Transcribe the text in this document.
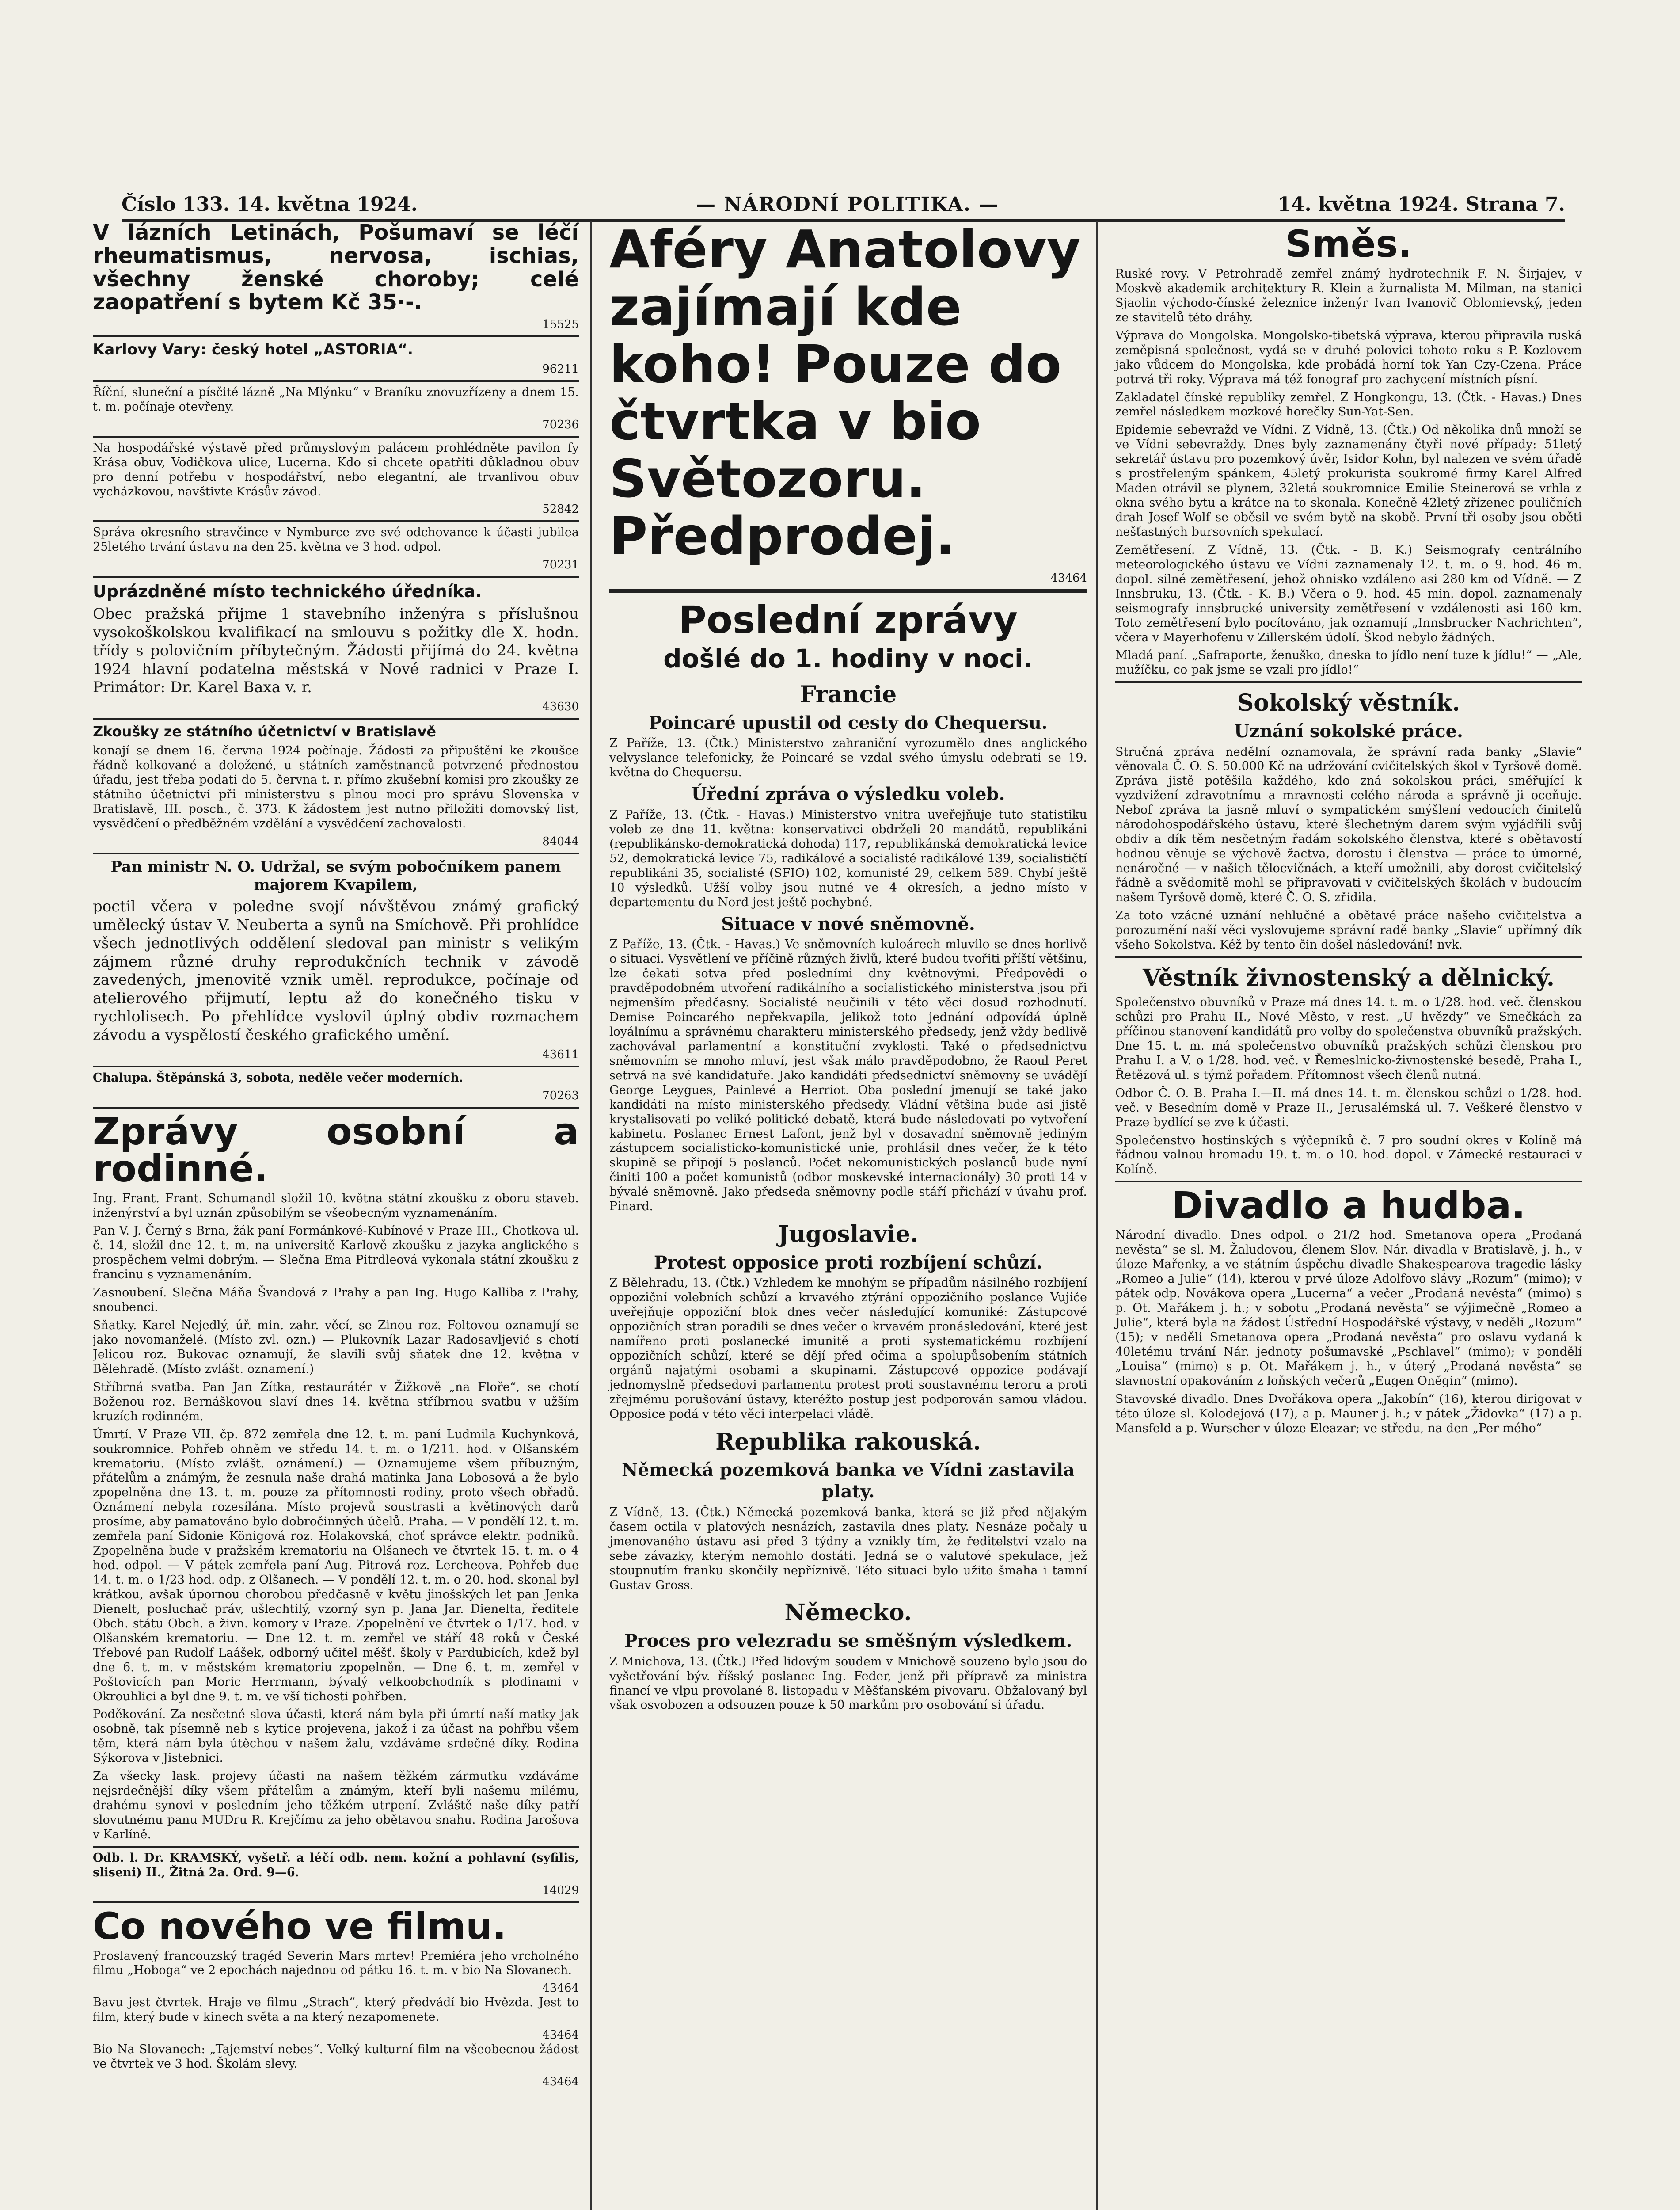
Číslo 133. 14. května 1924.	— NÁRODNÍ POLITIKA. —	14. května 1924. Strana 7.

V lázních Letinách, Pošumaví se léčí rheumatismus, nervosa, ischias, všechny ženské choroby; celé zaopatření s bytem Kč 35·-.

15525

Karlovy Vary: český hotel „ASTORIA“.

96211

Říční, sluneční a písčité lázně „Na Mlýnku“ v Braníku znovuzřízeny a dnem 15. t. m. počínaje otevřeny.

70236

Na hospodářské výstavě před průmyslovým palácem prohlédněte pavilon fy Krása obuv, Vodičkova ulice, Lucerna. Kdo si chcete opatřiti důkladnou obuv pro denní potřebu v hospodářství, nebo elegantní, ale trvanlivou obuv vycházkovou, navštivte Krásův závod.

52842

Správa okresního stravčince v Nymburce zve své odchovance k účasti jubilea 25letého trvání ústavu na den 25. května ve 3 hod. odpol.

70231

Uprázdněné místo technického úředníka.

Obec pražská přijme 1 stavebního inženýra s příslušnou vysokoškolskou kvalifikací na smlouvu s požitky dle X. hodn. třídy s polovičním příbytečným. Žádosti přijímá do 24. května 1924 hlavní podatelna městská v Nové radnici v Praze I. Primátor: Dr. Karel Baxa v. r.

43630

Zkoušky ze státního účetnictví v Bratislavě

konají se dnem 16. června 1924 počínaje. Žádosti za připuštění ke zkoušce řádně kolkované a doložené, u státních zaměstnanců potvrzené přednostou úřadu, jest třeba podati do 5. června t. r. přímo zkušební komisi pro zkoušky ze státního účetnictví při ministerstvu s plnou mocí pro správu Slovenska v Bratislavě, III. posch., č. 373. K žádostem jest nutno přiložiti domovský list, vysvědčení o předběžném vzdělání a vysvědčení zachovalosti.

84044

Pan ministr N. O. Udržal, se svým pobočníkem panem majorem Kvapilem,

poctil včera v poledne svojí návštěvou známý grafický umělecký ústav V. Neuberta a synů na Smíchově. Při prohlídce všech jednotlivých oddělení sledoval pan ministr s velikým zájmem různé druhy reprodukčních technik v závodě zavedených, jmenovitě vznik uměl. reprodukce, počínaje od atelierového přijmutí, leptu až do konečného tisku v rychlolisech. Po přehlídce vyslovil úplný obdiv rozmachem závodu a vyspělostí českého grafického umění.

43611

Chalupa. Štěpánská 3, sobota, neděle večer moderních.

70263

Zprávy osobní a rodinné.

Ing. Frant. Frant. Schumandl složil 10. května státní zkoušku z oboru staveb. inženýrství a byl uznán způsobilým se všeobecným vyznamenáním.

Pan V. J. Černý s Brna, žák paní Formánkové-Kubínové v Praze III., Chotkova ul. č. 14, složil dne 12. t. m. na universitě Karlově zkoušku z jazyka anglického s prospěchem velmi dobrým. — Slečna Ema Pitrdleová vykonala státní zkoušku z francinu s vyznamenáním.

Zasnoubení. Slečna Máňa Švandová z Prahy a pan Ing. Hugo Kalliba z Prahy, snoubenci.

Sňatky. Karel Nejedlý, úř. min. zahr. věcí, se Zinou roz. Foltovou oznamují se jako novomanželé. (Místo zvl. ozn.) — Plukovník Lazar Radosavljević s chotí Jelicou roz. Bukovac oznamují, že slavili svůj sňatek dne 12. května v Bělehradě. (Místo zvlášt. oznamení.)

Stříbrná svatba. Pan Jan Zítka, restaurátér v Žižkově „na Floře“, se chotí Boženou roz. Bernáškovou slaví dnes 14. května stříbrnou svatbu v užším kruzích rodinném.

Úmrtí. V Praze VII. čp. 872 zemřela dne 12. t. m. paní Ludmila Kuchynková, soukromnice. Pohřeb ohněm ve středu 14. t. m. o 1/211. hod. v Olšanském krematoriu. (Místo zvlášt. oznámení.) — Oznamujeme všem příbuzným, přátelům a známým, že zesnula naše drahá matinka Jana Lobosová a že bylo zpopelněna dne 13. t. m. pouze za přítomnosti rodiny, proto všech obřadů. Oznámení nebyla rozesílána. Místo projevů soustrasti a květinových darů prosíme, aby pamatováno bylo dobročinných účelů. Praha. — V pondělí 12. t. m. zemřela paní Sidonie Königová roz. Holakovská, choť správce elektr. podniků. Zpopelněna bude v pražském krematoriu na Olšanech ve čtvrtek 15. t. m. o 4 hod. odpol. — V pátek zemřela paní Aug. Pitrová roz. Lercheova. Pohřeb due 14. t. m. o 1/23 hod. odp. z Olšanech. — V pondělí 12. t. m. o 20. hod. skonal byl krátkou, avšak úpornou chorobou předčasně v květu jinošských let pan Jenka Dienelt, posluchač práv, ušlechtilý, vzorný syn p. Jana Jar. Dienelta, ředitele Obch. státu Obch. a živn. komory v Praze. Zpopelnění ve čtvrtek o 1/17. hod. v Olšanském krematoriu. — Dne 12. t. m. zemřel ve stáří 48 roků v České Třebové pan Rudolf Laášek, odborný učitel měšť. školy v Pardubicích, kdež byl dne 6. t. m. v městském krematoriu zpopelněn. — Dne 6. t. m. zemřel v Poštovicích pan Moric Herrmann, bývalý velkoobchodník s plodinami v Okrouhlici a byl dne 9. t. m. ve vší tichosti pohřben.

Poděkování. Za nesčetné slova účasti, která nám byla při úmrtí naší matky jak osobně, tak písemně neb s kytice projevena, jakož i za účast na pohřbu všem těm, která nám byla útěchou v našem žalu, vzdáváme srdečné díky. Rodina Sýkorova v Jistebnici.

Za všecky lask. projevy účasti na našem těžkém zármutku vzdáváme nejsrdečnější díky všem přátelům a známým, kteří byli našemu milému, drahému synovi v posledním jeho těžkém utrpení. Zvláště naše díky patří slovutnému panu MUDru R. Krejčímu za jeho obětavou snahu. Rodina Jarošova v Karlíně.

Odb. l. Dr. KRAMSKÝ, vyšetř. a léčí odb. nem. kožní a pohlavní (syfilis, sliseni) II., Žitná 2a. Ord. 9—6.

14029

Co nového ve filmu.

Proslavený francouzský tragéd Severin Mars mrtev! Premiéra jeho vrcholného filmu „Hoboga“ ve 2 epochách najednou od pátku 16. t. m. v bio Na Slovanech.

43464

Bavu jest čtvrtek. Hraje ve filmu „Strach“, který předvádí bio Hvězda. Jest to film, který bude v kinech světa a na který nezapomenete.

43464

Bio Na Slovanech: „Tajemství nebes“. Velký kulturní film na všeobecnou žádost ve čtvrtek ve 3 hod. Školám slevy.

43464

Aféry Anatolovy zajímají kde koho! Pouze do čtvrtka v bio Světozoru. Předprodej.

43464

Poslední zprávy

došlé do 1. hodiny v noci.

Francie

Poincaré upustil od cesty do Chequersu.

Z Paříže, 13. (Čtk.) Ministerstvo zahraniční vyrozumělo dnes anglického velvyslance telefonicky, že Poincaré se vzdal svého úmyslu odebrati se 19. května do Chequersu.

Úřední zpráva o výsledku voleb.

Z Paříže, 13. (Čtk. - Havas.) Ministerstvo vnitra uveřejňuje tuto statistiku voleb ze dne 11. května: konservativci obdrželi 20 mandátů, republikáni (republikánsko-demokratická dohoda) 117, republikánská demokratická levice 52, demokratická levice 75, radikálové a socialisté radikálové 139, socialističtí republikáni 35, socialisté (SFIO) 102, komunisté 29, celkem 589. Chybí ještě 10 výsledků. Užší volby jsou nutné ve 4 okresích, a jedno místo v departementu du Nord jest ještě pochybné.

Situace v nové sněmovně.

Z Paříže, 13. (Čtk. - Havas.) Ve sněmovních kuloárech mluvilo se dnes horlivě o situaci. Vysvětlení ve příčině různých živlů, které budou tvořiti příští většinu, lze čekati sotva před posledními dny květnovými. Předpovědi o pravděpodobném utvoření radikálního a socialistického ministerstva jsou při nejmenším předčasny. Socialisté neučinili v této věci dosud rozhodnutí. Demise Poincarého nepřekvapila, jelikož toto jednání odpovídá úplně loyálnímu a správnému charakteru ministerského předsedy, jenž vždy bedlivě zachovával parlamentní a konstituční zvyklosti. Také o předsednictvu sněmovním se mnoho mluví, jest však málo pravděpodobno, že Raoul Peret setrvá na své kandidatuře. Jako kandidáti předsednictví sněmovny se uvádějí George Leygues, Painlevé a Herriot. Oba poslední jmenují se také jako kandidáti na místo ministerského předsedy. Vládní většina bude asi jistě krystalisovati po veliké politické debatě, která bude následovati po vytvoření kabinetu. Poslanec Ernest Lafont, jenž byl v dosavadní sněmovně jediným zástupcem socialisticko-komunistické unie, prohlásil dnes večer, že k této skupině se připojí 5 poslanců. Počet nekomunistických poslanců bude nyní činiti 100 a počet komunistů (odbor moskevské internacionály) 30 proti 14 v bývalé sněmovně. Jako předseda sněmovny podle stáří přichází v úvahu prof. Pinard.

Jugoslavie.

Protest opposice proti rozbíjení schůzí.

Z Bělehradu, 13. (Čtk.) Vzhledem ke mnohým se případům násilného rozbíjení oppoziční volebních schůzí a krvavého ztýrání oppozičního poslance Vujiče uveřejňuje oppoziční blok dnes večer následující komuniké: Zástupcové oppozičních stran poradili se dnes večer o krvavém pronásledování, které jest namířeno proti poslanecké imunitě a proti systematickému rozbíjení oppozičních schůzí, které se dějí před očima a spolupůsobením státních orgánů najatými osobami a skupinami. Zástupcové oppozice podávají jednomyslně předsedovi parlamentu protest proti soustavnému teroru a proti zřejmému porušování ústavy, kteréžto postup jest podporován samou vládou. Opposice podá v této věci interpelaci vládě.

Republika rakouská.

Německá pozemková banka ve Vídni zastavila platy.

Z Vídně, 13. (Čtk.) Německá pozemková banka, která se již před nějakým časem octila v platových nesnázích, zastavila dnes platy. Nesnáze počaly u jmenovaného ústavu asi před 3 týdny a vznikly tím, že ředitelství vzalo na sebe závazky, kterým nemohlo dostáti. Jedná se o valutové spekulace, jež stoupnutím franku skončily nepříznivě. Této situaci bylo užito šmaha i tamní Gustav Gross.

Německo.

Proces pro velezradu se směšným výsledkem.

Z Mnichova, 13. (Čtk.) Před lidovým soudem v Mnichově souzeno bylo jsou do vyšetřování býv. říšský poslanec Ing. Feder, jenž při přípravě za ministra financí ve vlpu provolané 8. listopadu v Měšťanském pivovaru. Obžalovaný byl však osvobozen a odsouzen pouze k 50 markům pro osobování si úřadu.

Směs.

Ruské rovy. V Petrohradě zemřel známý hydrotechnik F. N. Širjajev, v Moskvě akademik architektury R. Klein a žurnalista M. Milman, na stanici Sjaolin východo-čínské železnice inženýr Ivan Ivanovič Oblomievský, jeden ze stavitelů této dráhy.

Výprava do Mongolska. Mongolsko-tibetská výprava, kterou připravila ruská zeměpisná společnost, vydá se v druhé polovici tohoto roku s P. Kozlovem jako vůdcem do Mongolska, kde probádá horní tok Yan Czy-Czena. Práce potrvá tři roky. Výprava má též fonograf pro zachycení místních písní.

Zakladatel čínské republiky zemřel. Z Hongkongu, 13. (Čtk. - Havas.) Dnes zemřel následkem mozkové horečky Sun-Yat-Sen.

Epidemie sebevražd ve Vídni. Z Vídně, 13. (Čtk.) Od několika dnů množí se ve Vídni sebevraždy. Dnes byly zaznamenány čtyři nové případy: 51letý sekretář ústavu pro pozemkový úvěr, Isidor Kohn, byl nalezen ve svém úřadě s prostřeleným spánkem, 45letý prokurista soukromé firmy Karel Alfred Maden otrávil se plynem, 32letá soukromnice Emilie Steinerová se vrhla z okna svého bytu a krátce na to skonala. Konečně 42letý zřízenec pouličních drah Josef Wolf se oběsil ve svém bytě na skobě. První tři osoby jsou oběti nešťastných bursovních spekulací.

Zemětřesení. Z Vídně, 13. (Čtk. - B. K.) Seismografy centrálního meteorologického ústavu ve Vídni zaznamenaly 12. t. m. o 9. hod. 46 m. dopol. silné zemětřesení, jehož ohnisko vzdáleno asi 280 km od Vídně. — Z Innsbruku, 13. (Čtk. - K. B.) Včera o 9. hod. 45 min. dopol. zaznamenaly seismografy innsbrucké university zemětřesení v vzdálenosti asi 160 km. Toto zemětřesení bylo pocítováno, jak oznamují „Innsbrucker Nachrichten“, včera v Mayerhofenu v Zillerském údolí. Škod nebylo žádných.

Mladá paní. „Safraporte, ženuško, dneska to jídlo není tuze k jídlu!“ — „Ale, mužíčku, co pak jsme se vzali pro jídlo!“

Sokolský věstník.

Uznání sokolské práce.

Stručná zpráva nedělní oznamovala, že správní rada banky „Slavie“ věnovala Č. O. S. 50.000 Kč na udržování cvičitelských škol v Tyršově domě. Zpráva jistě potěšila každého, kdo zná sokolskou práci, směřující k vyzdvižení zdravotnímu a mravnosti celého národa a správně ji oceňuje. Nebof zpráva ta jasně mluví o sympatickém smýšlení vedoucích činitelů národohospodářského ústavu, které šlechetným darem svým vyjádřili svůj obdiv a dík těm nesčetným řadám sokolského členstva, které s obětavostí hodnou věnuje se výchově žactva, dorostu i členstva — práce to úmorné, nenáročné — v našich tělocvičnách, a kteří umožnili, aby dorost cvičitelský řádně a svědomitě mohl se připravovati v cvičitelských školách v budoucím našem Tyršově domě, které Č. O. S. zřídila.

Za toto vzácné uznání nehlučné a obětavé práce našeho cvičitelstva a porozumění naší věci vyslovujeme správní radě banky „Slavie“ upřímný dík všeho Sokolstva. Kéž by tento čin došel následování! nvk.

Věstník živnostenský a dělnický.

Společenstvo obuvníků v Praze má dnes 14. t. m. o 1/28. hod. več. členskou schůzi pro Prahu II., Nové Město, v rest. „U hvězdy“ ve Smečkách za příčinou stanovení kandidátů pro volby do společenstva obuvníků pražských. Dne 15. t. m. má společenstvo obuvníků pražských schůzi členskou pro Prahu I. a V. o 1/28. hod. več. v Řemeslnicko-živnostenské besedě, Praha I., Řetězová ul. s týmž pořadem. Přítomnost všech členů nutná.

Odbor Č. O. B. Praha I.—II. má dnes 14. t. m. členskou schůzi o 1/28. hod. več. v Besedním domě v Praze II., Jerusalémská ul. 7. Veškeré členstvo v Praze bydlící se zve k účasti.

Společenstvo hostinských s výčepníků č. 7 pro soudní okres v Kolíně má řádnou valnou hromadu 19. t. m. o 10. hod. dopol. v Zámecké restauraci v Kolíně.

Divadlo a hudba.

Národní divadlo. Dnes odpol. o 21/2 hod. Smetanova opera „Prodaná nevěsta“ se sl. M. Žaludovou, členem Slov. Nár. divadla v Bratislavě, j. h., v úloze Mařenky, a ve státním úspěchu divadle Shakespearova tragedie lásky „Romeo a Julie“ (14), kterou v prvé úloze Adolfovo slávy „Rozum“ (mimo); v pátek odp. Novákova opera „Lucerna“ a večer „Prodaná nevěsta“ (mimo) s p. Ot. Mařákem j. h.; v sobotu „Prodaná nevěsta“ se výjimečně „Romeo a Julie“, která byla na žádost Ústřední Hospodářské výstavy, v neděli „Rozum“ (15); v neděli Smetanova opera „Prodaná nevěsta“ pro oslavu vydaná k 40letému trvání Nár. jednoty pošumavské „Pschlavel“ (mimo); v pondělí „Louisa“ (mimo) s p. Ot. Mařákem j. h., v úterý „Prodaná nevěsta“ se slavnostní opakováním z loňských večerů „Eugen Oněgin“ (mimo).

Stavovské divadlo. Dnes Dvořákova opera „Jakobín“ (16), kterou dirigovat v této úloze sl. Kolodejová (17), a p. Mauner j. h.; v pátek „Židovka“ (17) a p. Mansfeld a p. Wurscher v úloze Eleazar; ve středu, na den „Per mého“
